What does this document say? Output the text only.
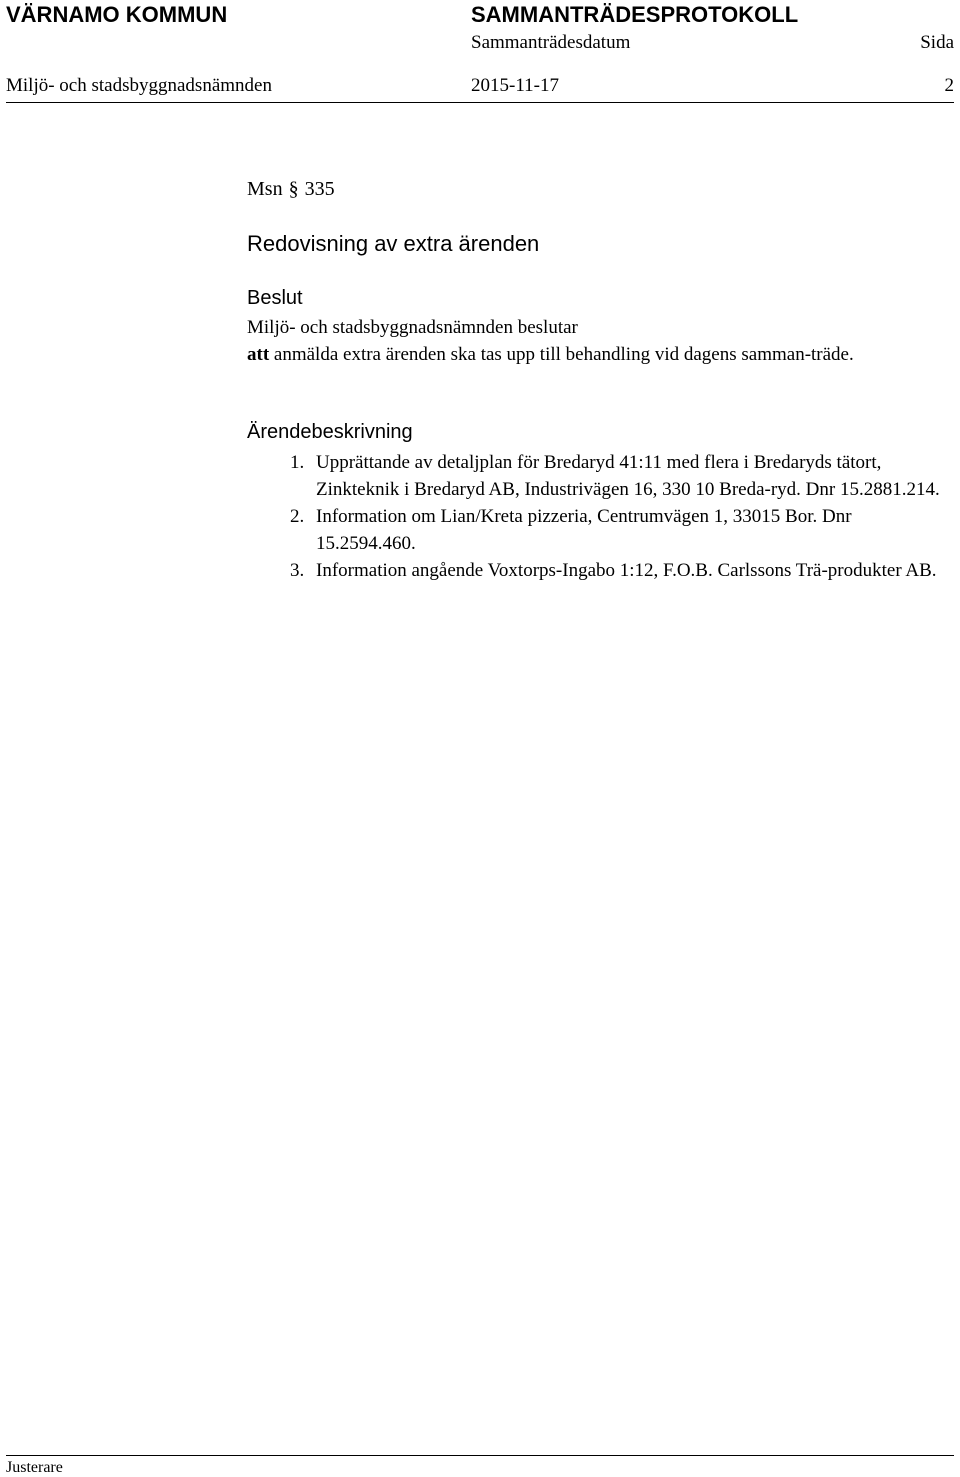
VÄRNAMO KOMMUN	SAMMANTRÄDESPROTOKOLL
Sammanträdesdatum	Sida
Miljö- och stadsbyggnadsnämnden	2015-11-17	2
Msn § 335
Redovisning av extra ärenden
Beslut
Miljö- och stadsbyggnadsnämnden beslutar
att anmälda extra ärenden ska tas upp till behandling vid dagens samman-träde.
Ärendebeskrivning
1. Upprättande av detaljplan för Bredaryd 41:11 med flera i Bredaryds tätort, Zinkteknik i Bredaryd AB, Industrivägen 16, 330 10 Breda-ryd. Dnr 15.2881.214.
2. Information om Lian/Kreta pizzeria, Centrumvägen 1, 33015 Bor. Dnr 15.2594.460.
3. Information angående Voxtorps-Ingabo 1:12, F.O.B. Carlssons Trä-produkter AB.
Justerare
